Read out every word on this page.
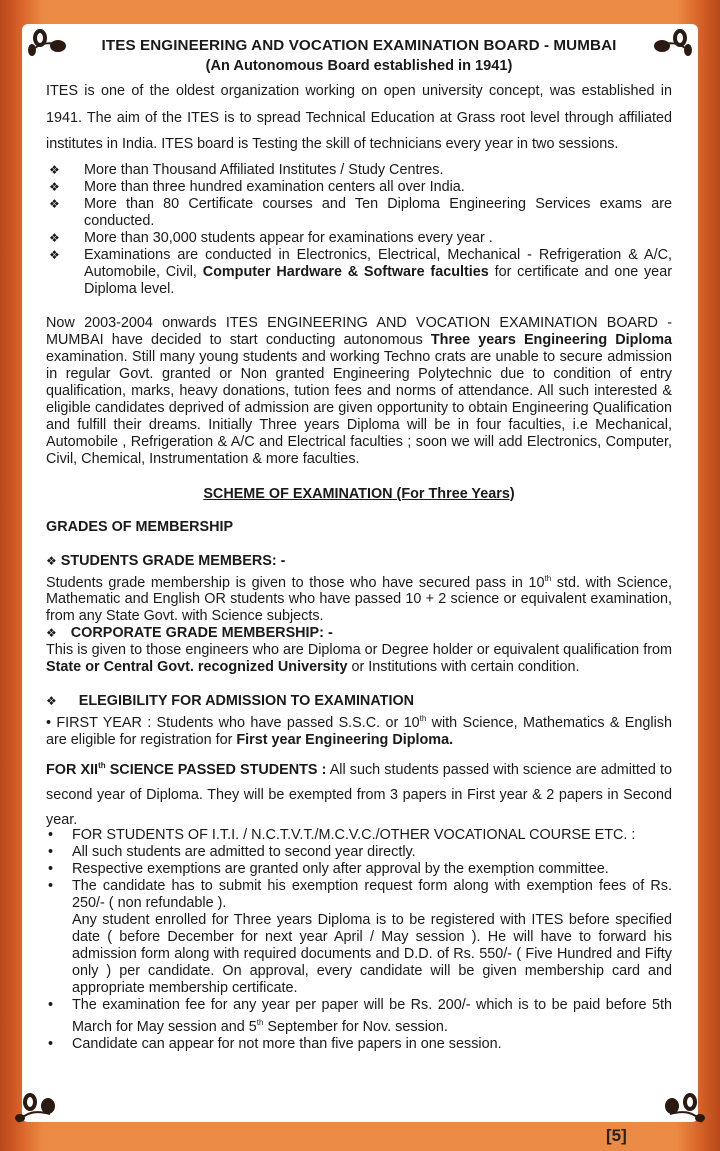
ITES ENGINEERING AND VOCATION EXAMINATION BOARD - MUMBAI
(An Autonomous Board established in 1941)

ITES is one of the oldest organization working on open university concept, was established in 1941. The aim of the ITES is to spread Technical Education at Grass root level through affiliated institutes in India. ITES board is Testing the skill of technicians every year in two sessions.

❖ More than Thousand Affiliated Institutes / Study Centres.
❖ More than three hundred examination centers all over India.
❖ More than 80 Certificate courses and Ten Diploma Engineering Services exams are conducted.
❖ More than 30,000 students appear for examinations every year .
❖ Examinations are conducted in Electronics, Electrical, Mechanical - Refrigeration & A/C, Automobile, Civil, Computer Hardware & Software faculties for certificate and one year Diploma level.

Now 2003-2004 onwards ITES ENGINEERING AND VOCATION EXAMINATION BOARD - MUMBAI have decided to start conducting autonomous Three years Engineering Diploma examination. Still many young students and working Techno crats are unable to secure admission in regular Govt. granted or Non granted Engineering Polytechnic due to condition of entry qualification, marks, heavy donations, tution fees and norms of attendance. All such interested & eligible candidates deprived of admission are given opportunity to obtain Engineering Qualification and fulfill their dreams. Initially Three years Diploma will be in four faculties, i.e Mechanical, Automobile , Refrigeration & A/C and Electrical faculties ; soon we will add Electronics, Computer, Civil, Chemical, Instrumentation & more faculties.

SCHEME OF EXAMINATION (For Three Years)
GRADES OF MEMBERSHIP
❖ STUDENTS GRADE MEMBERS: -

Students grade membership is given to those who have secured pass in 10th std. with Science, Mathematic and English OR students who have passed 10 + 2 science or equivalent examination, from any State Govt. with Science subjects.

❖ CORPORATE GRADE MEMBERSHIP: -

This is given to those engineers who are Diploma or Degree holder or equivalent qualification from State or Central Govt. recognized University or Institutions with certain condition.

❖ ELEGIBILITY FOR ADMISSION TO EXAMINATION

• FIRST YEAR : Students who have passed S.S.C. or 10th with Science, Mathematics & English are eligible for registration for First year Engineering Diploma.

FOR XIIth SCIENCE PASSED STUDENTS : All such students passed with science are admitted to second year of Diploma. They will be exempted from 3 papers in First year & 2 papers in Second year.

• FOR STUDENTS OF I.T.I. / N.C.T.V.T./M.C.V.C./OTHER VOCATIONAL COURSE ETC. :
• All such students are admitted to second year directly.
• Respective exemptions are granted only after approval by the exemption committee.
• The candidate has to submit his exemption request form along with exemption fees of Rs. 250/- ( non refundable ).
Any student enrolled for Three years Diploma is to be registered with ITES before specified date ( before December for next year April / May session ). He will have to forward his admission form along with required documents and D.D. of Rs. 550/- ( Five Hundred and Fifty only ) per candidate. On approval, every candidate will be given membership card and appropriate membership certificate.
• The examination fee for any year per paper will be Rs. 200/- which is to be paid before 5th March for May session and 5th September for Nov. session.
• Candidate can appear for not more than five papers in one session.
[5]
